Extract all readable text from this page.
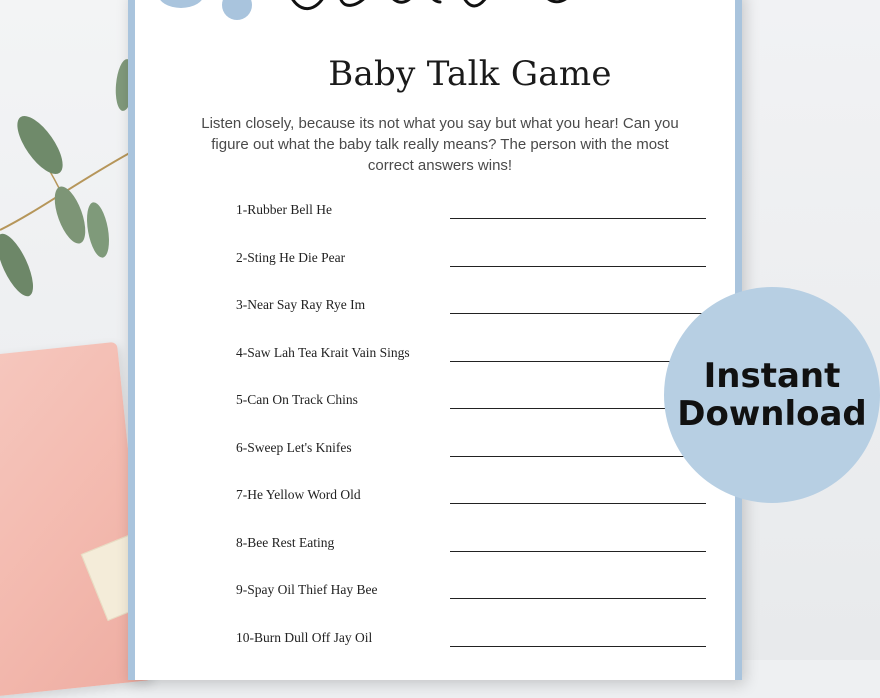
Baby Talk Game
Listen closely, because its not what you say but what you hear! Can you figure out what the baby talk really means? The person with the most correct answers wins!
1-Rubber Bell He
2-Sting He Die Pear
3-Near Say Ray Rye Im
4-Saw Lah Tea Krait Vain Sings
5-Can On Track Chins
6-Sweep Let's Knifes
7-He Yellow Word Old
8-Bee Rest Eating
9-Spay Oil Thief Hay Bee
10-Burn Dull Off Jay Oil
Instant
Download
